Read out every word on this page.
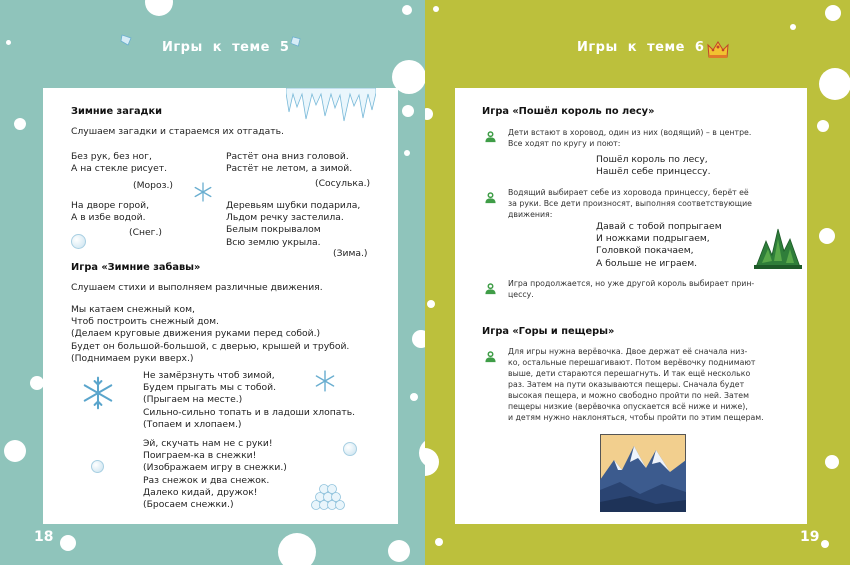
Игры к теме 5
Зимние загадки
Слушаем загадки и стараемся их отгадать.
Без рук, без ног,
А на стекле рисует.
(Мороз.)
Растёт она вниз головой.
Растёт не летом, а зимой.
(Сосулька.)
На дворе горой,
А в избе водой.
(Снег.)
Деревьям шубки подарила,
Льдом речку застелила.
Белым покрывалом
Всю землю укрыла.
(Зима.)
Игра «Зимние забавы»
Слушаем стихи и выполняем различные движения.
Мы катаем снежный ком,
Чтоб построить снежный дом.
(Делаем круговые движения руками перед собой.)
Будет он большой-большой, с дверью, крышей и трубой.
(Поднимаем руки вверх.)
Не замёрзнуть чтоб зимой,
Будем прыгать мы с тобой.
(Прыгаем на месте.)
Сильно-сильно топать и в ладоши хлопать.
(Топаем и хлопаем.)
Эй, скучать нам не с руки!
Поиграем-ка в снежки!
(Изображаем игру в снежки.)
Раз снежок и два снежок.
Далеко кидай, дружок!
(Бросаем снежки.)
18
Игры к теме 6
Игра «Пошёл король по лесу»
Дети встают в хоровод, один из них (водящий) – в центре.
Все ходят по кругу и поют:
Пошёл король по лесу,
Нашёл себе принцессу.
Водящий выбирает себе из хоровода принцессу, берёт её
за руки. Все дети произносят, выполняя соответствующие
движения:
Давай с тобой попрыгаем
И ножками подрыгаем,
Головкой покачаем,
А больше не играем.
Игра продолжается, но уже другой король выбирает прин-
цессу.
Игра «Горы и пещеры»
Для игры нужна верёвочка. Двое держат её сначала низ-
ко, остальные перешагивают. Потом верёвочку поднимают
выше, дети стараются перешагнуть. И так ещё несколько
раз. Затем на пути оказываются пещеры. Сначала будет
высокая пещера, и можно свободно пройти по ней. Затем
пещеры низкие (верёвочка опускается всё ниже и ниже),
и детям нужно наклоняться, чтобы пройти по этим пещерам.
19
